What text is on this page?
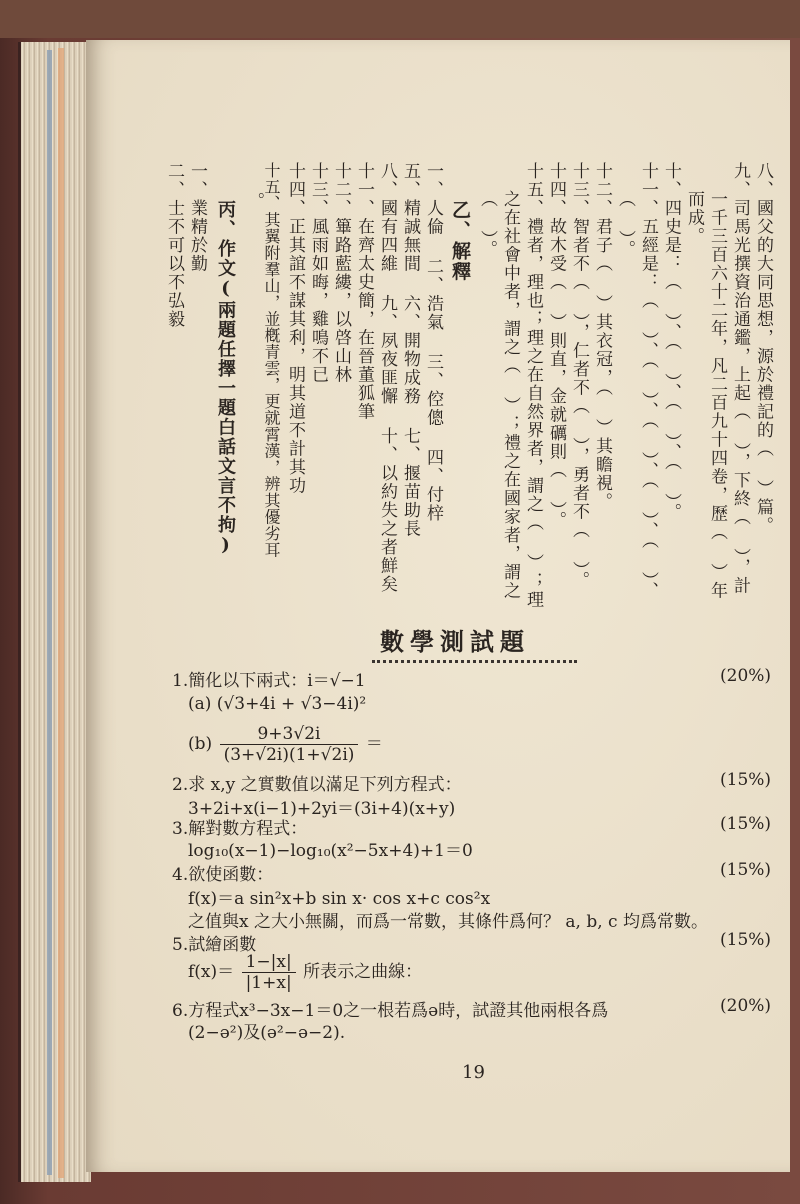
八、國父的大同思想，源於禮記的（ ）篇。
九、司馬光撰資治通鑑，上起（ ），下終（ ），計
一千三百六十二年，凡二百九十四卷，歷（ ）年
而成。
十、四史是：（ ）、（ ）、（ ）、（ ）。
十一、五經是：（ ）、（ ）、（ ）、（ ）、（ ）、
（ ）。
十二、君子（ ）其衣冠，（ ）其瞻視。
十三、智者不（ ），仁者不（ ），勇者不（ ）。
十四、故木受（ ）則直，金就礪則（ ）。
十五、禮者，理也；理之在自然界者，謂之（ ）；理
之在社會中者，謂之（ ）；禮之在國家者，謂之
（ ）。
乙、解釋
一、人倫 二、浩氣 三、倥傯 四、付梓
五、精誠無間 六、開物成務 七、揠苗助長
八、國有四維 九、夙夜匪懈 十、以約失之者鮮矣
十一、在齊太史簡，在晉董狐筆
十二、篳路藍縷，以啓山林
十三、風雨如晦，雞鳴不已
十四、正其誼不謀其利，明其道不計其功
十五、其翼附羣山，並槪青雲，更就霄漢，辨其優劣耳
。
丙、作文(兩題任擇一題白話文言不拘)
一、業精於勤
二、士不可以不弘毅
數學測試題
1.簡化以下兩式：i＝√−1	(20%)
(a) (√3+4i + √3−4i)²
$(b) \frac{9+3√2i}{(3+√2i)(1+√2i)}$ ＝
2.求 x,y 之實數值以滿足下列方程式：	(15%)
3+2i+x(i−1)+2yi＝(3i+4)(x+y)
3.解對數方程式：	(15%)
log₁₀(x−1)−log₁₀(x²−5x+4)+1＝0
4.欲使函數：	(15%)
f(x)＝a sin²x+b sin x· cos x+c cos²x
之值與x 之大小無關，而爲一常數，其條件爲何？ a, b, c 均爲常數。
5.試繪函數	(15%)
$f(x)= \frac{1-|x|}{|1+x|}$ 所表示之曲線：
6.方程式x³−3x−1＝0之一根若爲ə時，試證其他兩根各爲	(20%)
(2−ə²)及(ə²−ə−2).
19
